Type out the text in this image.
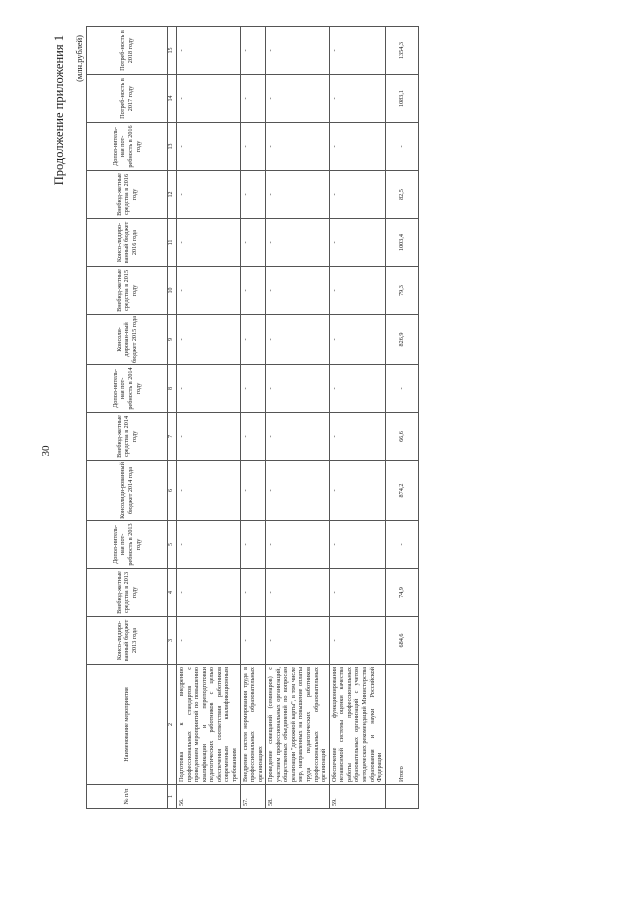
30
Продолжение приложения 1 (млн.рублей)
№ п/п	Наименование мероприятия	Консо-лидиро-ванный бюджет 2013 года	Внебюд-жетные средства в 2013 году	Допол-нитель-ная пот-ребность в 2013 году	Консолиди-рованный бюджет 2014 года	Внебюд-жетные средства в 2014 году	Допол-нитель-ная пот-ребность в 2014 году	Консоли-дирован-ный бюджет 2015 года	Внебюд-жетные средства в 2015 году	Консо-лидиро-ванный бюджет 2016 года	Внебюд-жетные средства в 2016 году	Допол-нитель-ная пот-ребность в 2016 году	Потреб-ность в 2017 году	Потреб-ность в 2018 году
1	2	3	4	5	6	7	8	9	10	11	12	13	14	15
56.	Подготовка к внедрению профессиональных стандартов с проведением мероприятий по повышению квалификации и переподготовки педагогических работников с целью обеспечения соответствия работников современным квалификационным требованиям	-	-	-	-	-	-	-	-	-	-	-	-	-
57.	Внедрение систем нормирования труда в профессиональных образовательных организациях	-	-	-	-	-	-	-	-	-	-	-	-	-
58.	Проведение совещаний (семинаров) с участием профессиональных организаций, общественных объединений по вопросам реализации "дорожной карты", в том числе мер, направленных на повышение оплаты труда педагогических работников профессиональных образовательных организаций	-	-	-	-	-	-	-	-	-	-	-	-	-
59.	Обеспечение функционирования независимой системы оценки качества работы профессиональных образовательных организаций с учетом методических рекомендаций Министерства образования и науки Российской Федерации	-	-	-	-	-	-	-	-	-	-	-	-	-
	Итого	684,6	74,9	-	874,2	66,6	-	826,9	79,3	1003,4	82,5	-	1083,1	1354,3
